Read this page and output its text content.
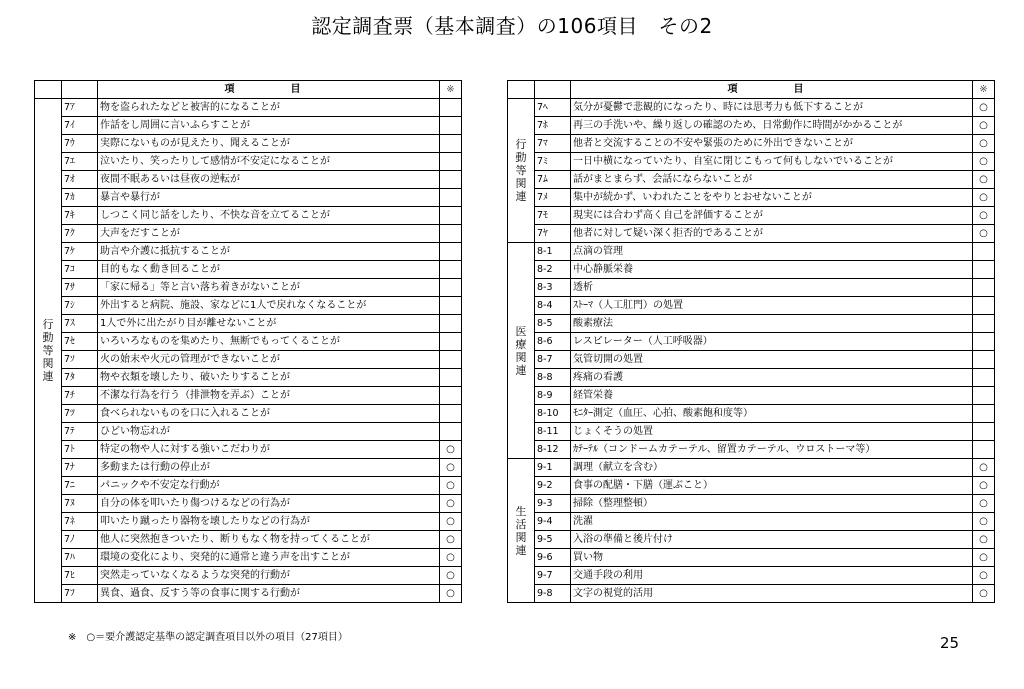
認定調査票（基本調査）の106項目　その2
		項　　目	※

行動等関連	7ｱ	物を盗られたなどと被害的になることが	
	7ｲ	作話をし周囲に言いふらすことが	
	7ｳ	実際にないものが見えたり、聞えることが	
	7ｴ	泣いたり、笑ったりして感情が不安定になることが	
	7ｵ	夜間不眠あるいは昼夜の逆転が	
	7ｶ	暴言や暴行が	
	7ｷ	しつこく同じ話をしたり、不快な音を立てることが	
	7ｸ	大声をだすことが	
	7ｹ	助言や介護に抵抗することが	
	7ｺ	目的もなく動き回ることが	
	7ｻ	「家に帰る」等と言い落ち着きがないことが	
	7ｼ	外出すると病院、施設、家などに1人で戻れなくなることが	
	7ｽ	1人で外に出たがり目が離せないことが	
	7ｾ	いろいろなものを集めたり、無断でもってくることが	
	7ｿ	火の始末や火元の管理ができないことが	
	7ﾀ	物や衣類を壊したり、破いたりすることが	
	7ﾁ	不潔な行為を行う（排泄物を弄ぶ）ことが	
	7ﾂ	食べられないものを口に入れることが	
	7ﾃ	ひどい物忘れが	
	7ﾄ	特定の物や人に対する強いこだわりが	○
	7ﾅ	多動または行動の停止が	○
	7ﾆ	パニックや不安定な行動が	○
	7ﾇ	自分の体を叩いたり傷つけるなどの行為が	○
	7ﾈ	叩いたり蹴ったり器物を壊したりなどの行為が	○
	7ﾉ	他人に突然抱きついたり、断りもなく物を持ってくることが	○
	7ﾊ	環境の変化により、突発的に通常と違う声を出すことが	○
	7ﾋ	突然走っていなくなるような突発的行動が	○
	7ﾌ	異食、過食、反すう等の食事に関する行動が	○
		項　　目	※

行動等関連	7ﾍ	気分が憂鬱で悲観的になったり、時には思考力も低下することが	○
	7ﾎ	再三の手洗いや、繰り返しの確認のため、日常動作に時間がかかることが	○
	7ﾏ	他者と交流することの不安や緊張のために外出できないことが	○
	7ﾐ	一日中横になっていたり、自室に閉じこもって何もしないでいることが	○
	7ﾑ	話がまとまらず、会話にならないことが	○
	7ﾒ	集中が続かず、いわれたことをやりとおせないことが	○
	7ﾓ	現実には合わず高く自己を評価することが	○
	7ﾔ	他者に対して疑い深く拒否的であることが	○

医療関連	8-1	点滴の管理	
	8-2	中心静脈栄養	
	8-3	透析	
	8-4	ｽﾄｰﾏ（人工肛門）の処置	
	8-5	酸素療法	
	8-6	レスピレーター（人工呼吸器）	
	8-7	気管切開の処置	
	8-8	疼痛の看護	
	8-9	経管栄養	
	8-10	ﾓﾆﾀｰ測定（血圧、心拍、酸素飽和度等）	
	8-11	じょくそうの処置	
	8-12	ｶﾃｰﾃﾙ（コンドームカテーテル、留置カテーテル、ウロストーマ等）	

生活関連	9-1	調理（献立を含む）	○
	9-2	食事の配膳・下膳（運ぶこと）	○
	9-3	掃除（整理整頓）	○
	9-4	洗濯	○
	9-5	入浴の準備と後片付け	○
	9-6	買い物	○
	9-7	交通手段の利用	○
	9-8	文字の視覚的活用	○
※　○＝要介護認定基準の認定調査項目以外の項目（27項目）	25
